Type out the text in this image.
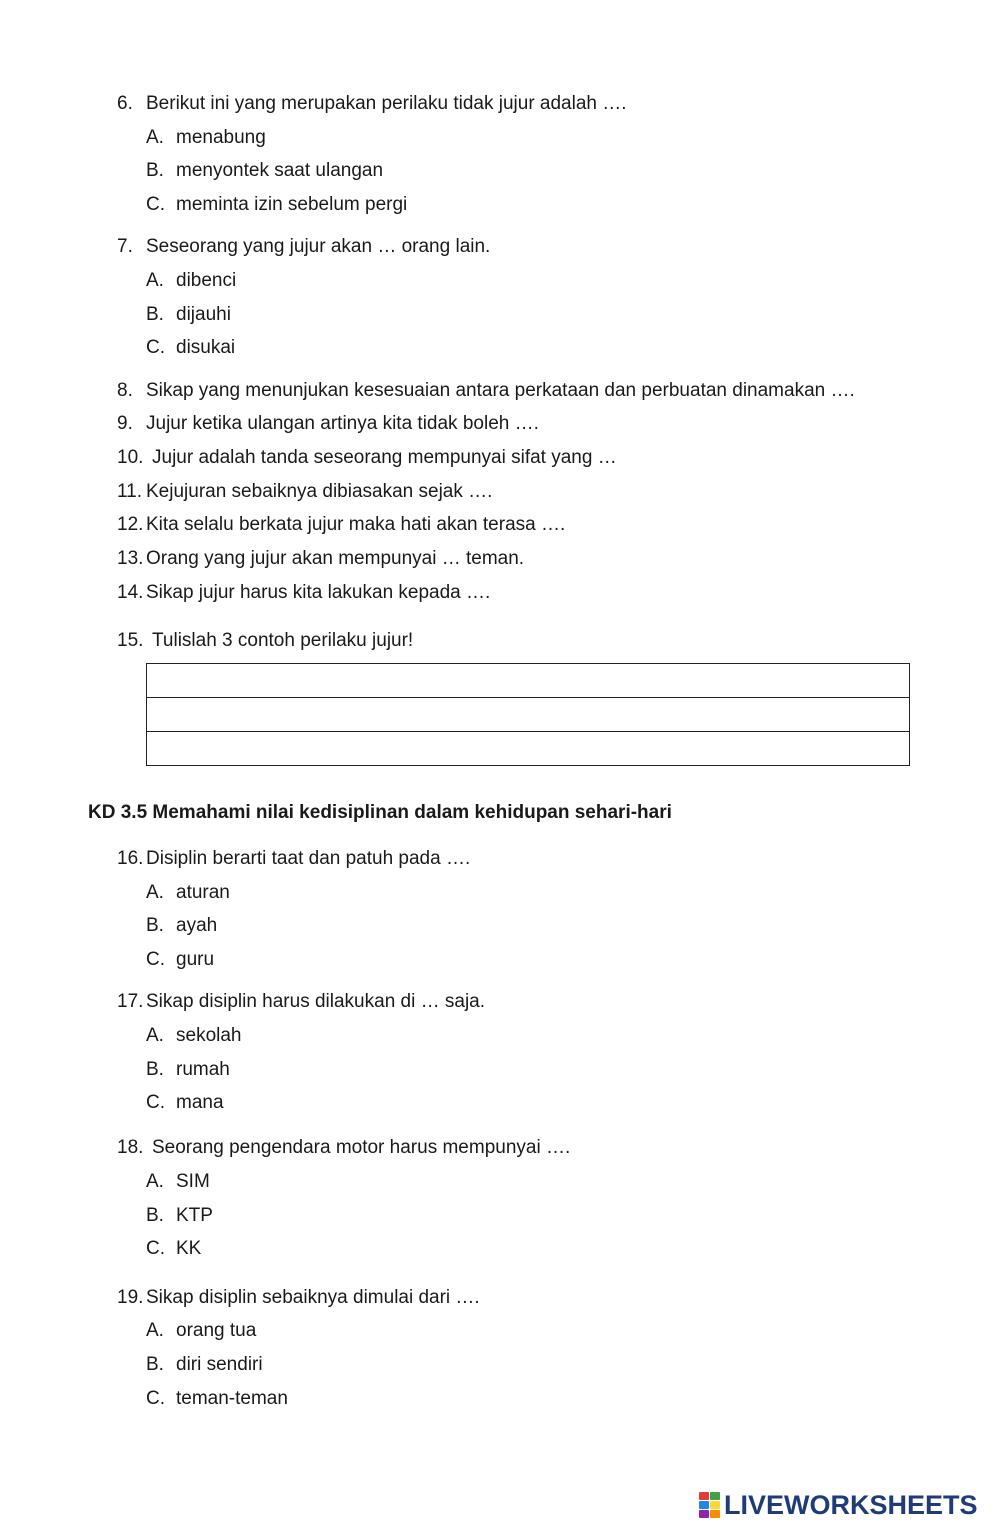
6. Berikut ini yang merupakan perilaku tidak jujur adalah ….
A. menabung
B. menyontek saat ulangan
C. meminta izin sebelum pergi
7. Seseorang yang jujur akan … orang lain.
A. dibenci
B. dijauhi
C. disukai
8. Sikap yang menunjukan kesesuaian antara perkataan dan perbuatan dinamakan ….
9. Jujur ketika ulangan artinya kita tidak boleh ….
10. Jujur adalah tanda seseorang mempunyai sifat yang …
11. Kejujuran sebaiknya dibiasakan sejak ….
12. Kita selalu berkata jujur maka hati akan terasa ….
13. Orang yang jujur akan mempunyai … teman.
14. Sikap jujur harus kita lakukan kepada ….
15. Tulislah 3 contoh perilaku jujur!

KD 3.5 Memahami nilai kedisiplinan dalam kehidupan sehari-hari
16. Disiplin berarti taat dan patuh pada ….
A. aturan
B. ayah
C. guru
17. Sikap disiplin harus dilakukan di … saja.
A. sekolah
B. rumah
C. mana
18. Seorang pengendara motor harus mempunyai ….
A. SIM
B. KTP
C. KK
19. Sikap disiplin sebaiknya dimulai dari ….
A. orang tua
B. diri sendiri
C. teman-teman
LIVEWORKSHEETS
